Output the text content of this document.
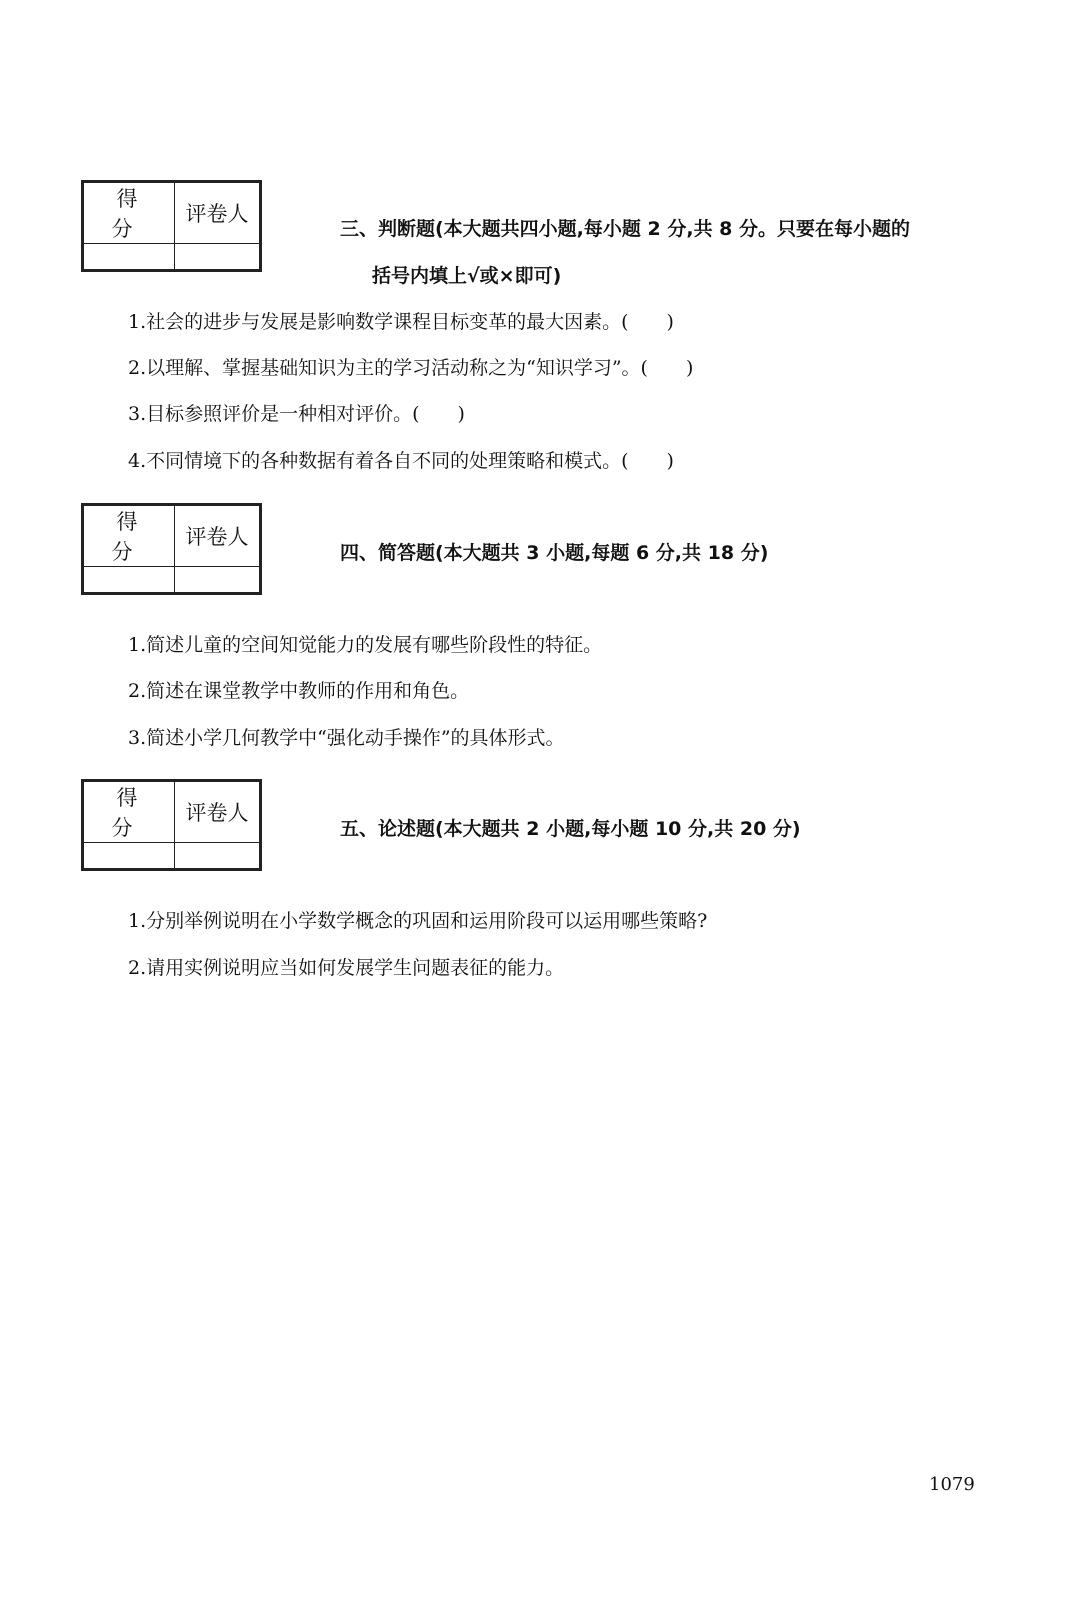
得 分	评卷人

三、判断题(本大题共四小题,每小题 2 分,共 8 分。只要在每小题的
括号内填上√或×即可)
1.社会的进步与发展是影响数学课程目标变革的最大因素。(　　)
2.以理解、掌握基础知识为主的学习活动称之为“知识学习”。(　　)
3.目标参照评价是一种相对评价。(　　)
4.不同情境下的各种数据有着各自不同的处理策略和模式。(　　)
得 分	评卷人

四、简答题(本大题共 3 小题,每题 6 分,共 18 分)
1.简述儿童的空间知觉能力的发展有哪些阶段性的特征。
2.简述在课堂教学中教师的作用和角色。
3.简述小学几何教学中“强化动手操作”的具体形式。
得 分	评卷人

五、论述题(本大题共 2 小题,每小题 10 分,共 20 分)
1.分别举例说明在小学数学概念的巩固和运用阶段可以运用哪些策略?
2.请用实例说明应当如何发展学生问题表征的能力。
1079
